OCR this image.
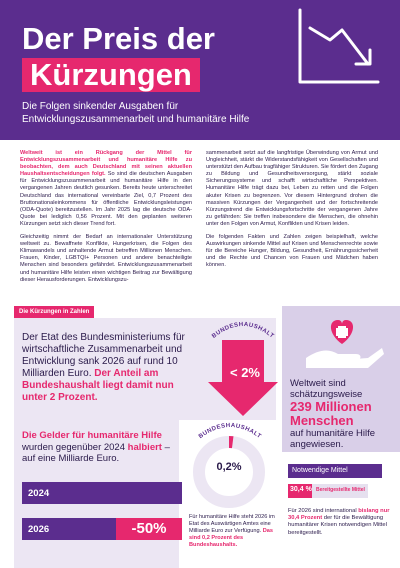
Der Preis der
Kürzungen
Die Folgen sinkender Ausgaben für Entwicklungszusammenarbeit und humanitäre Hilfe

Weltweit ist ein Rückgang der Mittel für Entwicklungszusammenarbeit und humanitäre Hilfe zu beobachten, dem auch Deutschland mit seinen aktuellen Haushaltsentscheidungen folgt. So sind die deutschen Ausgaben für Entwicklungszusammenarbeit und humanitäre Hilfe in den vergangenen Jahren deutlich gesunken. Bereits heute unterschreitet Deutschland das international vereinbarte Ziel, 0,7 Prozent des Bruttonationaleinkommens für öffentliche Entwicklungsleistungen (ODA-Quote) bereitzustellen. Im Jahr 2025 lag die deutsche ODA-Quote bei lediglich 0,56 Prozent. Mit den geplanten weiteren Kürzungen setzt sich dieser Trend fort.

Gleichzeitig nimmt der Bedarf an internationaler Unterstützung weltweit zu. Bewaffnete Konflikte, Hungerkrisen, die Folgen des Klimawandels und anhaltende Armut betreffen Millionen Menschen. Frauen, Kinder, LGBTQI+ Personen und andere benachteiligte Menschen sind besonders gefährdet. Entwicklungszusammenarbeit und humanitäre Hilfe leisten einen wichtigen Beitrag zur Bewältigung dieser Herausforderungen. Entwicklungszu-

sammenarbeit setzt auf die langfristige Überwindung von Armut und Ungleichheit, stärkt die Widerstandsfähigkeit von Gesellschaften und unterstützt den Aufbau tragfähiger Strukturen. Sie fördert den Zugang zu Bildung und Gesundheitsversorgung, stärkt soziale Sicherungssysteme und schafft wirtschaftliche Perspektiven. Humanitäre Hilfe trägt dazu bei, Leben zu retten und die Folgen akuter Krisen zu begrenzen. Vor diesem Hintergrund drohen die massiven Kürzungen der Vergangenheit und der fortschreitende Kürzungstrend die Entwicklungsfortschritte der vergangenen Jahre zu gefährden: Sie treffen insbesondere die Menschen, die ohnehin unter den Folgen von Armut, Konflikten und Krisen leiden.

Die folgenden Fakten und Zahlen zeigen beispielhaft, welche Auswirkungen sinkende Mittel auf Krisen und Menschenrechte sowie für die Bereiche Hunger, Bildung, Gesundheit, Ernährungssicherheit und die Rechte und Chancen von Frauen und Mädchen haben können.

Die Kürzungen in Zahlen
Der Etat des Bundesministeriums für wirtschaftliche Zusammenarbeit und Entwicklung sank 2026 auf rund 10 Milliarden Euro. Der Anteil am Bundeshaushalt liegt damit nun unter 2 Prozent.
BUNDESHAUSHALT
< 2%
Weltweit sind schätzungsweise
239 Millionen Menschen
auf humanitäre Hilfe angewiesen.
Die Gelder für humanitäre Hilfe wurden gegenüber 2024 halbiert – auf eine Milliarde Euro.
2024
2026	-50%
BUNDESHAUSHALT
0,2%
Für humanitäre Hilfe steht 2026 im Etat des Auswärtigen Amtes eine Milliarde Euro zur Verfügung. Das sind 0,2 Prozent des Bundeshaushalts.
Notwendige Mittel
30,4 % Bereitgestellte Mittel
Für 2026 sind international bislang nur 30,4 Prozent der für die Bewältigung humanitärer Krisen notwendigen Mittel bereitgestellt.
